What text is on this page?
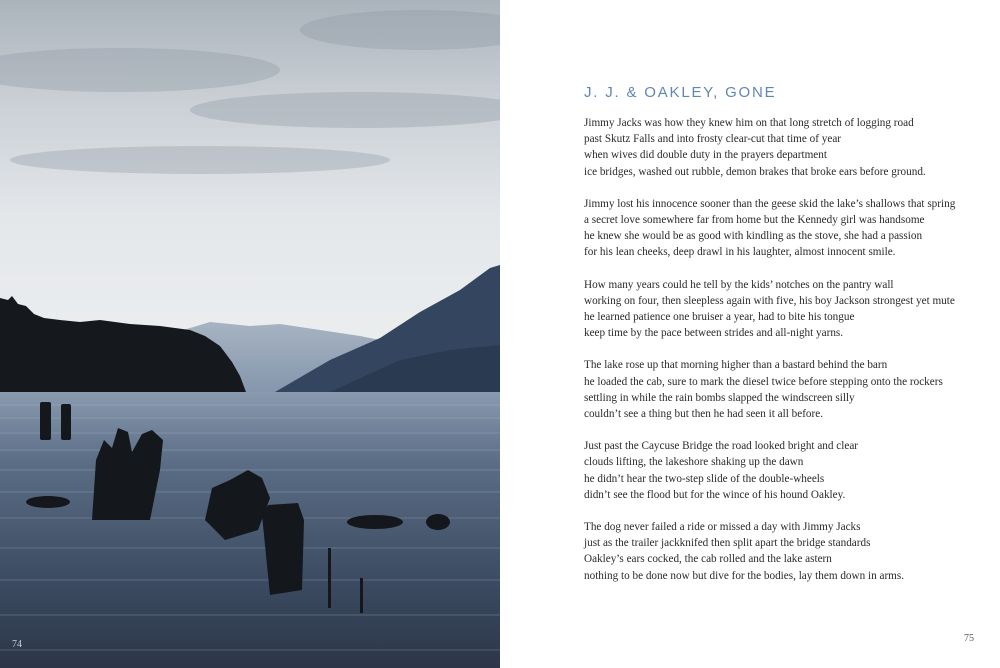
74
J. J. & OAKLEY, GONE
Jimmy Jacks was how they knew him on that long stretch of logging road
past Skutz Falls and into frosty clear-cut that time of year
when wives did double duty in the prayers department
ice bridges, washed out rubble, demon brakes that broke ears before ground.
Jimmy lost his innocence sooner than the geese skid the lake’s shallows that spring
a secret love somewhere far from home but the Kennedy girl was handsome
he knew she would be as good with kindling as the stove, she had a passion
for his lean cheeks, deep drawl in his laughter, almost innocent smile.
How many years could he tell by the kids’ notches on the pantry wall
working on four, then sleepless again with five, his boy Jackson strongest yet mute
he learned patience one bruiser a year, had to bite his tongue
keep time by the pace between strides and all-night yarns.
The lake rose up that morning higher than a bastard behind the barn
he loaded the cab, sure to mark the diesel twice before stepping onto the rockers
settling in while the rain bombs slapped the windscreen silly
couldn’t see a thing but then he had seen it all before.
Just past the Caycuse Bridge the road looked bright and clear
clouds lifting, the lakeshore shaking up the dawn
he didn’t hear the two-step slide of the double-wheels
didn’t see the flood but for the wince of his hound Oakley.
The dog never failed a ride or missed a day with Jimmy Jacks
just as the trailer jackknifed then split apart the bridge standards
Oakley’s ears cocked, the cab rolled and the lake astern
nothing to be done now but dive for the bodies, lay them down in arms.
75
